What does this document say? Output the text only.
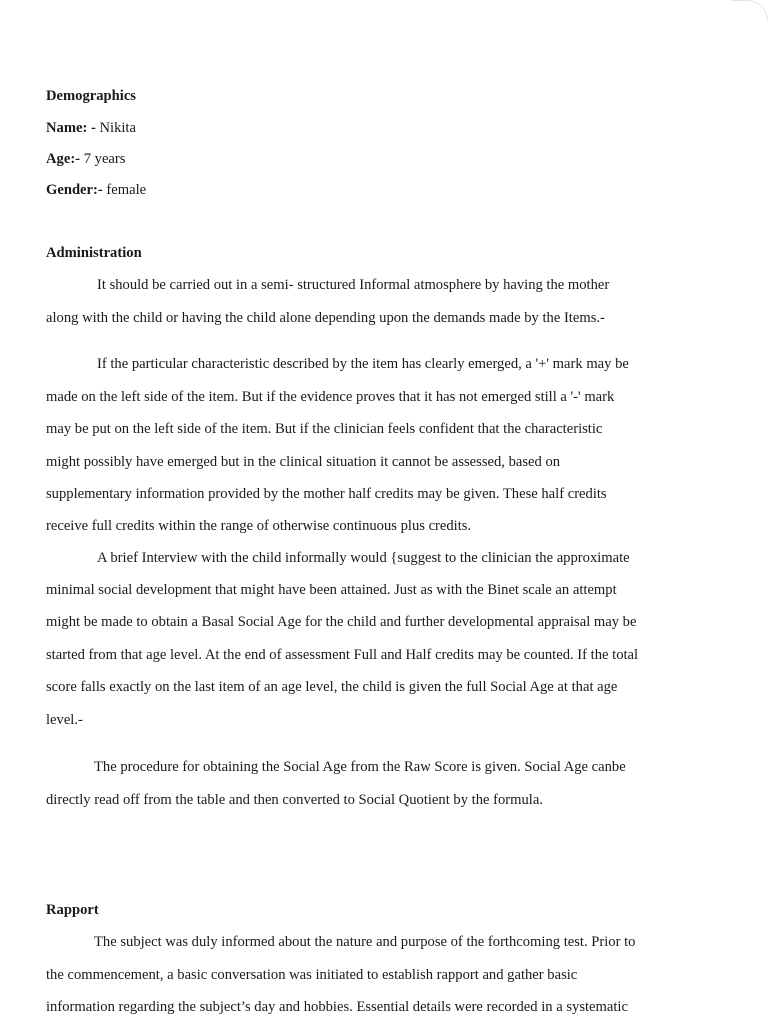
Demographics
Name: - Nikita
Age:- 7 years
Gender:- female
Administration
It should be carried out in a semi- structured Informal atmosphere by having the mother
along with the child or having the child alone depending upon the demands made by the Items.-
If the particular characteristic described by the item has clearly emerged, a '+' mark may be
made on the left side of the item. But if the evidence proves that it has not emerged still a '-' mark
may be put on the left side of the item. But if the clinician feels confident that the characteristic
might possibly have emerged but in the clinical situation it cannot be assessed, based on
supplementary information provided by the mother half credits may be given. These half credits
receive full credits within the range of otherwise continuous plus credits.
A brief Interview with the child informally would {suggest to the clinician the approximate
minimal social development that might have been attained. Just as with the Binet scale an attempt
might be made to obtain a Basal Social Age for the child and further developmental appraisal may be
started from that age level. At the end of assessment Full and Half credits may be counted. If the total
score falls exactly on the last item of an age level, the child is given the full Social Age at that age
level.-
The procedure for obtaining the Social Age from the Raw Score is given. Social Age canbe
directly read off from the table and then converted to Social Quotient by the formula.
Rapport
The subject was duly informed about the nature and purpose of the forthcoming test. Prior to
the commencement, a basic conversation was initiated to establish rapport and gather basic
information regarding the subject’s day and hobbies. Essential details were recorded in a systematic
